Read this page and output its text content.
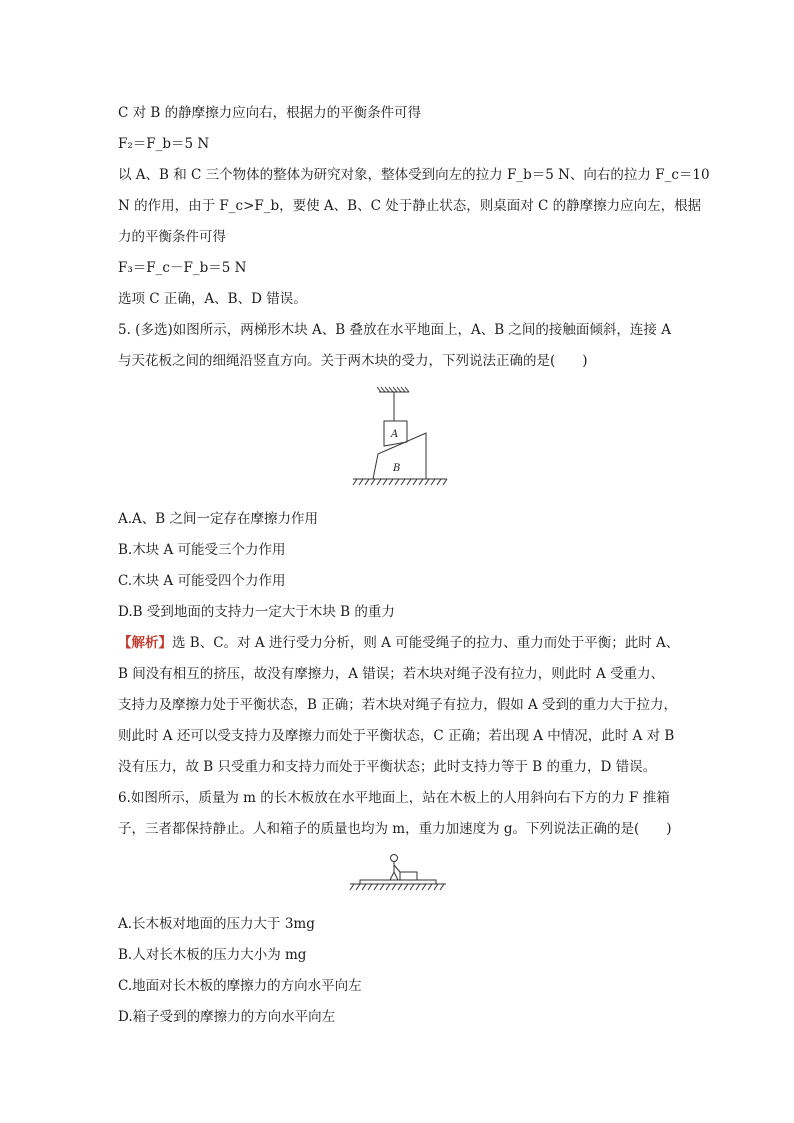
C 对 B 的静摩擦力应向右，根据力的平衡条件可得
F₂＝F_b＝5 N
以 A、B 和 C 三个物体的整体为研究对象，整体受到向左的拉力 F_b＝5 N、向右的拉力 F_c＝10
N 的作用，由于 F_c>F_b，要使 A、B、C 处于静止状态，则桌面对 C 的静摩擦力应向左，根据
力的平衡条件可得
F₃＝F_c－F_b＝5 N
选项 C 正确，A、B、D 错误。
5. (多选)如图所示，两梯形木块 A、B 叠放在水平地面上，A、B 之间的接触面倾斜，连接 A
与天花板之间的细绳沿竖直方向。关于两木块的受力，下列说法正确的是(　　)
A
B
A.A、B 之间一定存在摩擦力作用
B.木块 A 可能受三个力作用
C.木块 A 可能受四个力作用
D.B 受到地面的支持力一定大于木块 B 的重力
【解析】选 B、C。对 A 进行受力分析，则 A 可能受绳子的拉力、重力而处于平衡；此时 A、
B 间没有相互的挤压，故没有摩擦力，A 错误；若木块对绳子没有拉力，则此时 A 受重力、
支持力及摩擦力处于平衡状态，B 正确；若木块对绳子有拉力，假如 A 受到的重力大于拉力，
则此时 A 还可以受支持力及摩擦力而处于平衡状态，C 正确；若出现 A 中情况，此时 A 对 B
没有压力，故 B 只受重力和支持力而处于平衡状态；此时支持力等于 B 的重力，D 错误。
6.如图所示，质量为 m 的长木板放在水平地面上，站在木板上的人用斜向右下方的力 F 推箱
子，三者都保持静止。人和箱子的质量也均为 m，重力加速度为 g。下列说法正确的是(　　)
A.长木板对地面的压力大于 3mg
B.人对长木板的压力大小为 mg
C.地面对长木板的摩擦力的方向水平向左
D.箱子受到的摩擦力的方向水平向左
